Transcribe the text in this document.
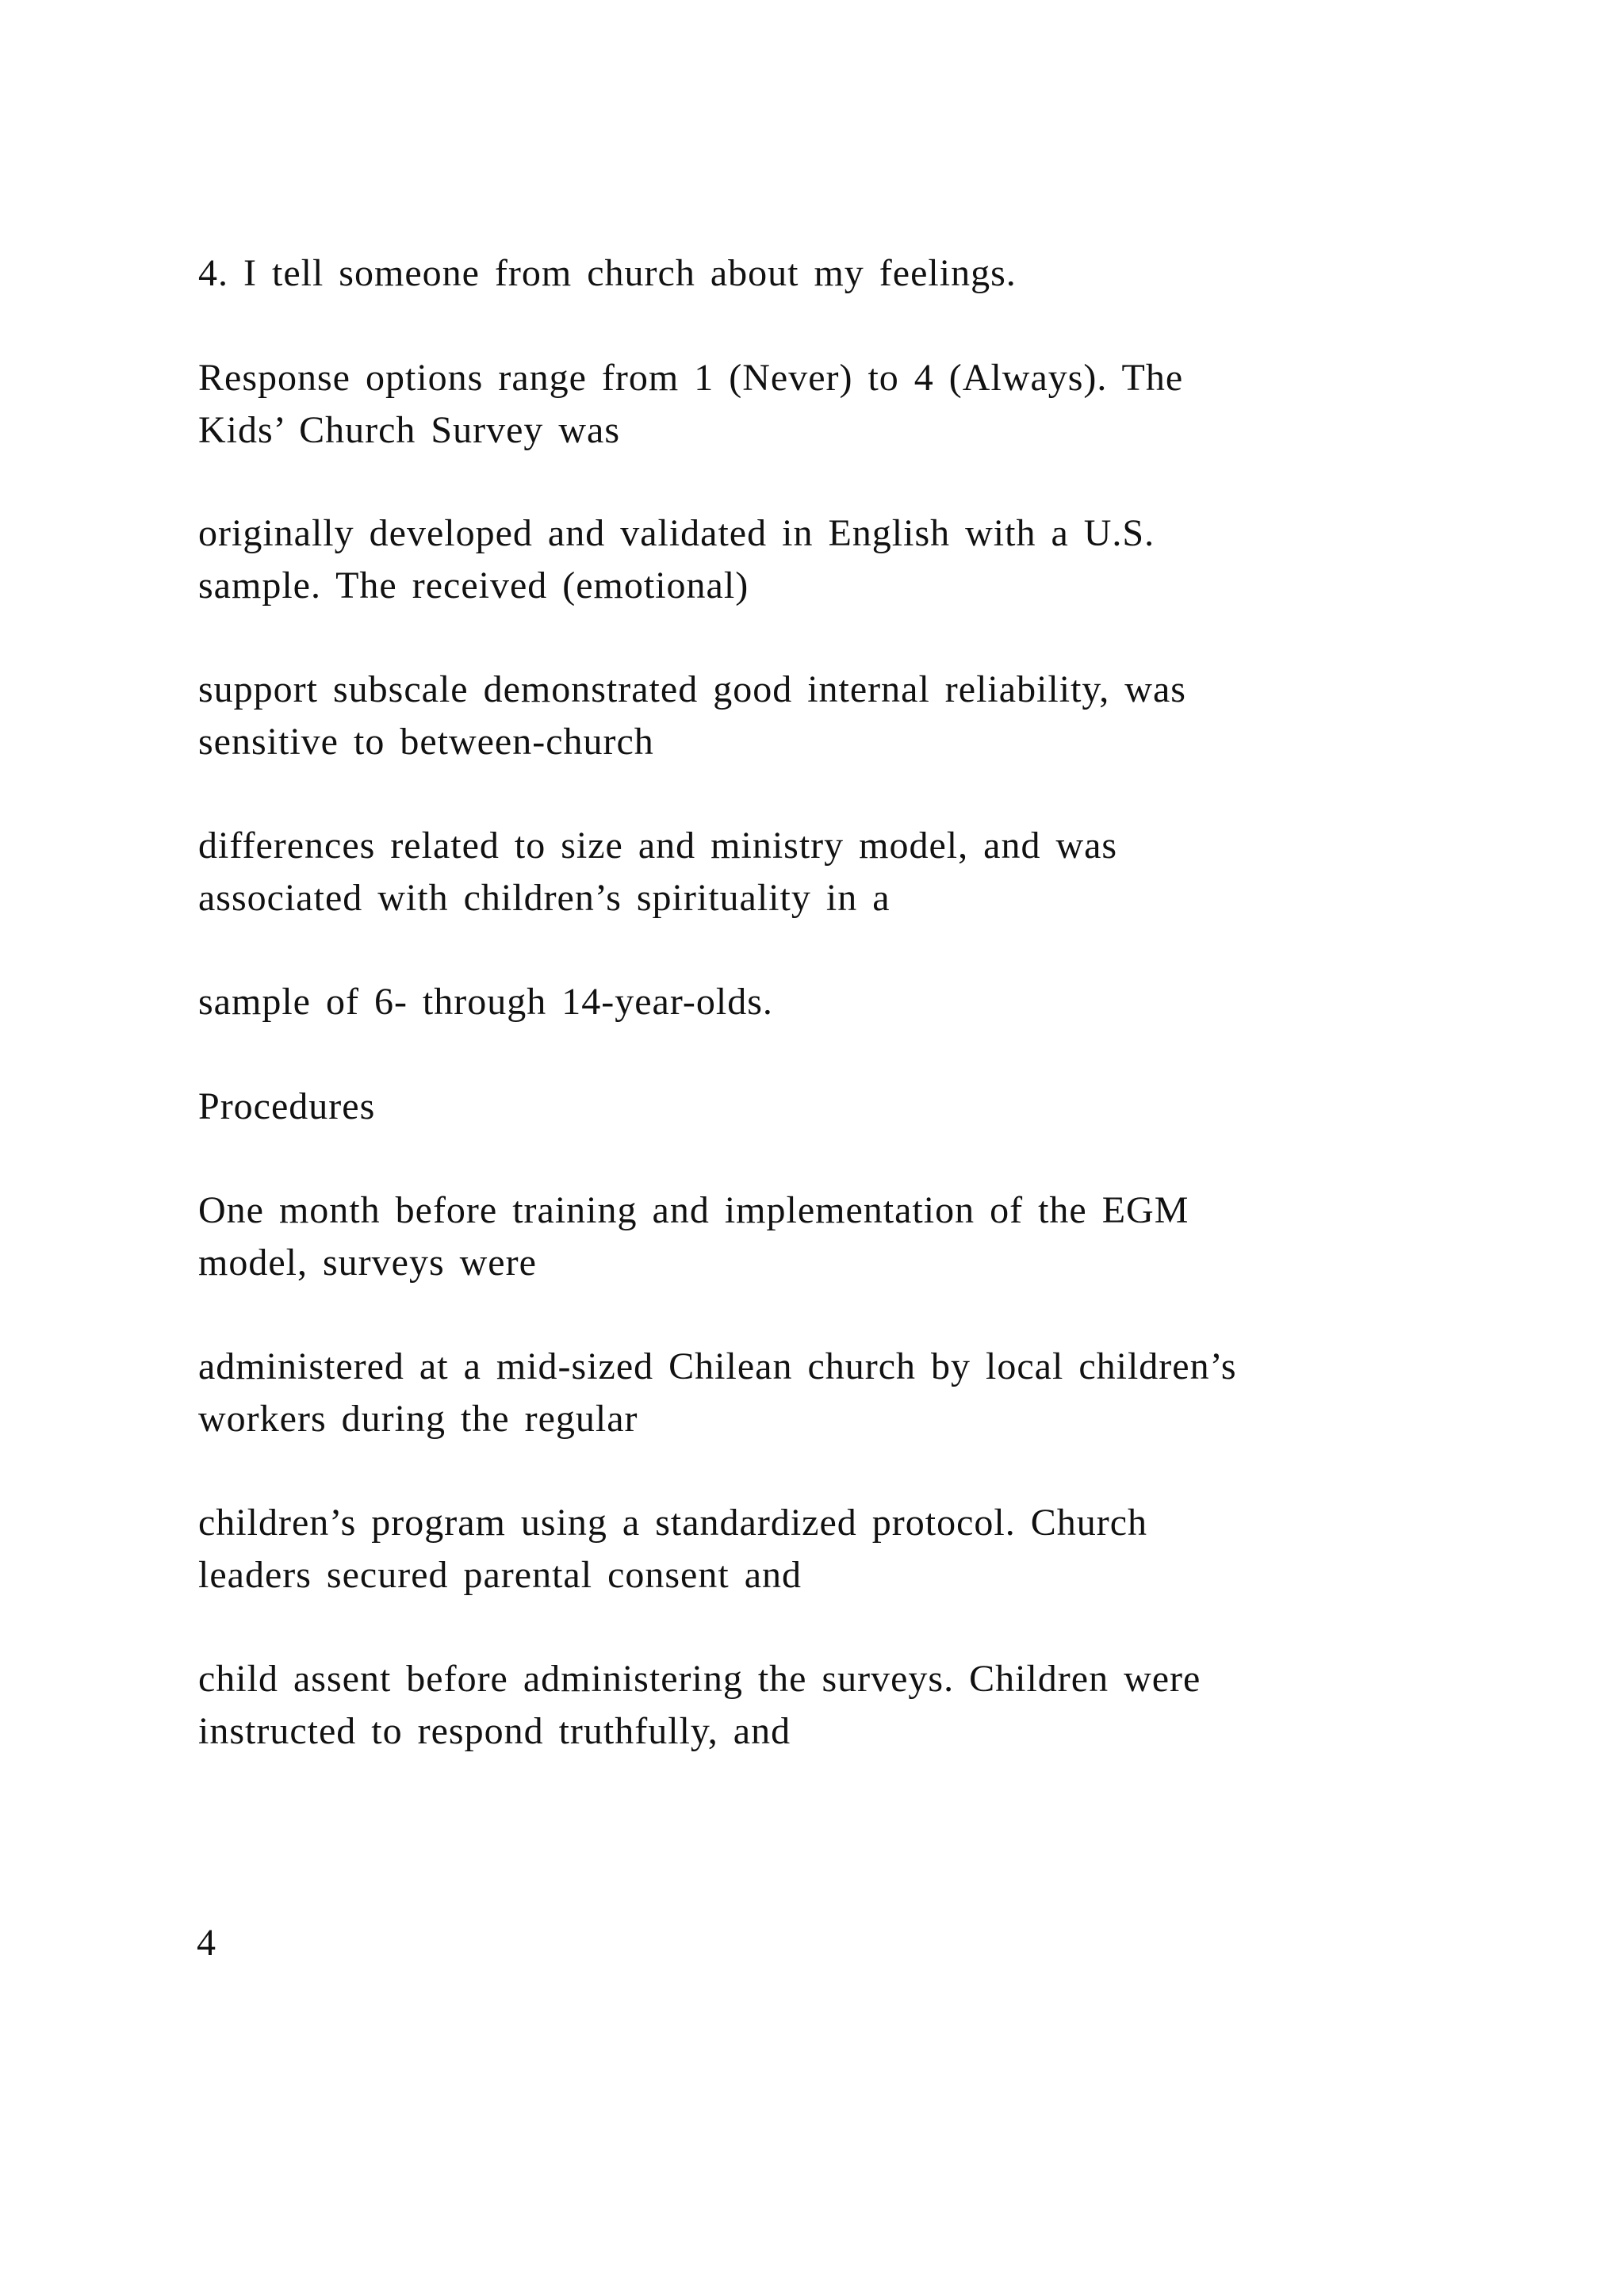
4. I tell someone from church about my feelings.

Response options range from 1 (Never) to 4 (Always). The
Kids’ Church Survey was

originally developed and validated in English with a U.S.
sample. The received (emotional)

support subscale demonstrated good internal reliability, was
sensitive to between-church

differences related to size and ministry model, and was
associated with children’s spirituality in a

sample of 6- through 14-year-olds.

Procedures

One month before training and implementation of the EGM
model, surveys were

administered at a mid-sized Chilean church by local children’s
workers during the regular

children’s program using a standardized protocol. Church
leaders secured parental consent and

child assent before administering the surveys. Children were
instructed to respond truthfully, and

4
